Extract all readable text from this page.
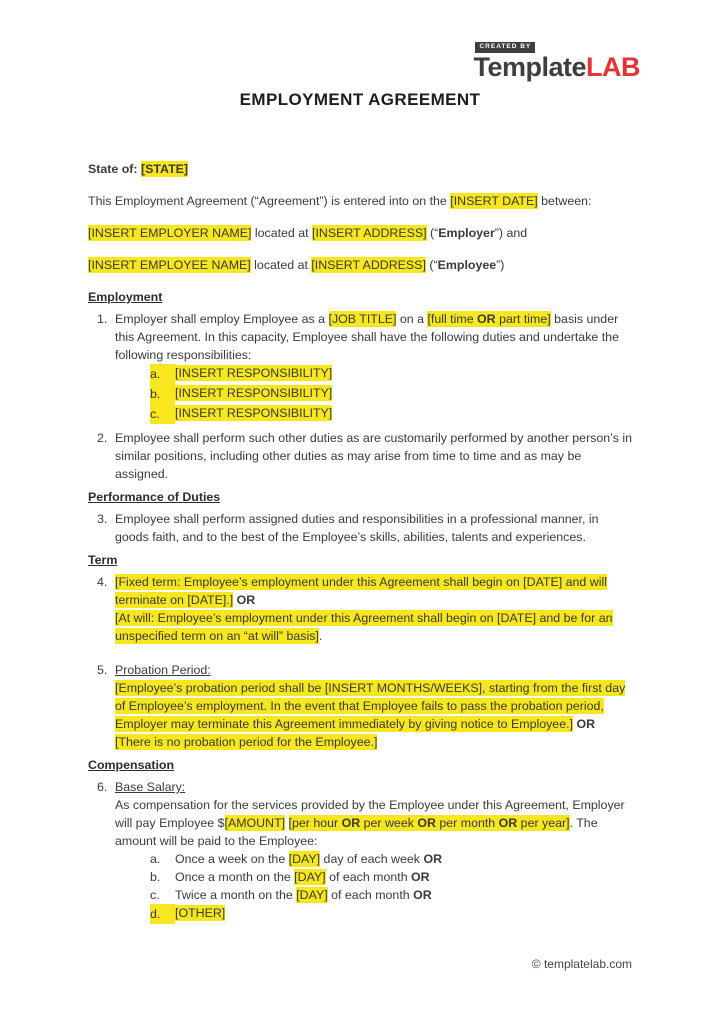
CREATED BY
TemplateLAB
EMPLOYMENT AGREEMENT

State of: [STATE]

This Employment Agreement (“Agreement”) is entered into on the [INSERT DATE] between:

[INSERT EMPLOYER NAME] located at [INSERT ADDRESS] (“Employer”) and

[INSERT EMPLOYEE NAME] located at [INSERT ADDRESS] (“Employee”)

Employment
1. Employer shall employ Employee as a [JOB TITLE] on a [full time OR part time] basis under this Agreement. In this capacity, Employee shall have the following duties and undertake the following responsibilities:
a.	[INSERT RESPONSIBILITY]
b.	[INSERT RESPONSIBILITY]
c.	[INSERT RESPONSIBILITY]
2. Employee shall perform such other duties as are customarily performed by another person’s in similar positions, including other duties as may arise from time to time and as may be assigned.
Performance of Duties
3. Employee shall perform assigned duties and responsibilities in a professional manner, in goods faith, and to the best of the Employee’s skills, abilities, talents and experiences.
Term
4. [Fixed term: Employee’s employment under this Agreement shall begin on [DATE] and will terminate on [DATE].] OR
[At will: Employee’s employment under this Agreement shall begin on [DATE] and be for an unspecified term on an “at will” basis].
5. Probation Period:
[Employee’s probation period shall be [INSERT MONTHS/WEEKS], starting from the first day of Employee’s employment. In the event that Employee fails to pass the probation period, Employer may terminate this Agreement immediately by giving notice to Employee.] OR
[There is no probation period for the Employee.]
Compensation
6. Base Salary:
As compensation for the services provided by the Employee under this Agreement, Employer will pay Employee $[AMOUNT] [per hour OR per week OR per month OR per year]. The amount will be paid to the Employee:
a.	Once a week on the [DAY] day of each week OR
b.	Once a month on the [DAY] of each month OR
c.	Twice a month on the [DAY] of each month OR
d.	[OTHER]
© templatelab.com
